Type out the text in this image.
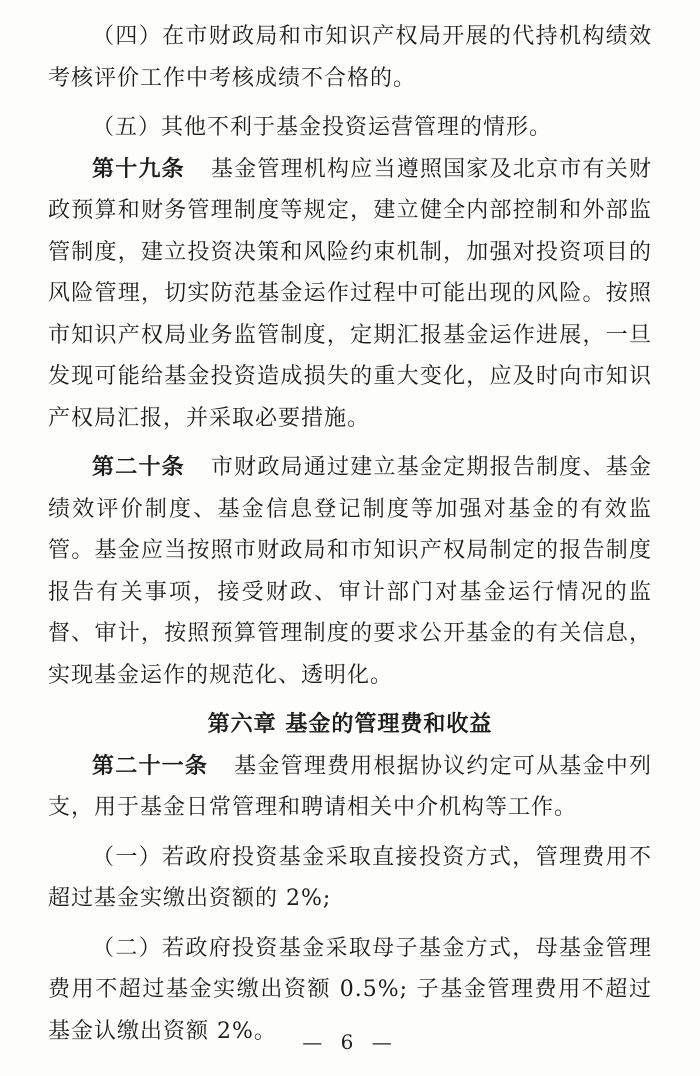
（四）在市财政局和市知识产权局开展的代持机构绩效考核评价工作中考核成绩不合格的。

（五）其他不利于基金投资运营管理的情形。

第十九条 基金管理机构应当遵照国家及北京市有关财政预算和财务管理制度等规定，建立健全内部控制和外部监管制度，建立投资决策和风险约束机制，加强对投资项目的风险管理，切实防范基金运作过程中可能出现的风险。按照市知识产权局业务监管制度，定期汇报基金运作进展，一旦发现可能给基金投资造成损失的重大变化，应及时向市知识产权局汇报，并采取必要措施。

第二十条 市财政局通过建立基金定期报告制度、基金绩效评价制度、基金信息登记制度等加强对基金的有效监管。基金应当按照市财政局和市知识产权局制定的报告制度报告有关事项，接受财政、审计部门对基金运行情况的监督、审计，按照预算管理制度的要求公开基金的有关信息，实现基金运作的规范化、透明化。

第六章 基金的管理费和收益

第二十一条 基金管理费用根据协议约定可从基金中列支，用于基金日常管理和聘请相关中介机构等工作。

（一）若政府投资基金采取直接投资方式，管理费用不超过基金实缴出资额的 2%;

（二）若政府投资基金采取母子基金方式，母基金管理费用不超过基金实缴出资额 0.5%; 子基金管理费用不超过基金认缴出资额 2%。	— 6 —
